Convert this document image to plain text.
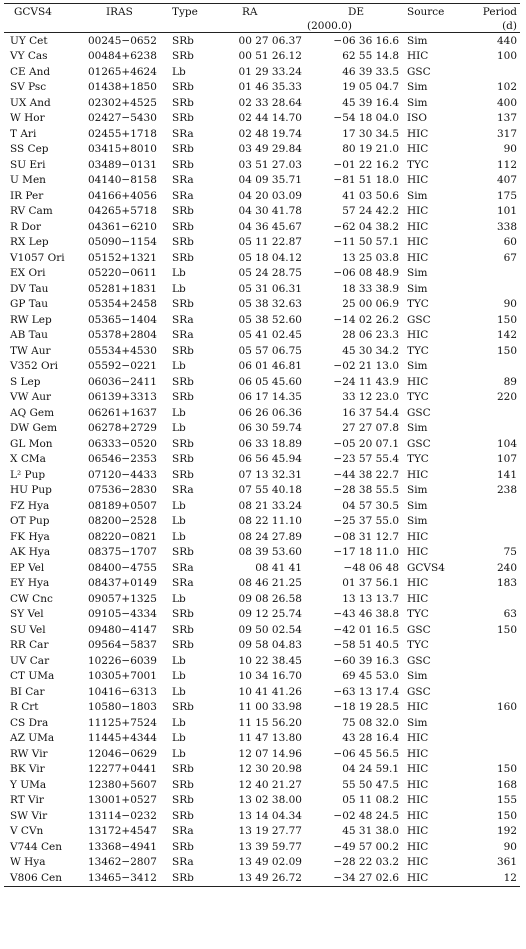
GCVS4	IRAS	Type	RA	DE	Source	Period
(2000.0)	(d)
UY Cet	00245−0652	SRb	00 27 06.37	−06 36 16.6 Sim	440
VY Cas	00484+6238	SRb	00 51 26.12	62 55 14.8 HIC	100
CE And	01265+4624	Lb	01 29 33.24	46 39 33.5 GSC
SV Psc	01438+1850	SRb	01 46 35.33	19 05 04.7 Sim	102
UX And	02302+4525	SRb	02 33 28.64	45 39 16.4 Sim	400
W Hor	02427−5430	SRb	02 44 14.70	−54 18 04.0 ISO	137
T Ari	02455+1718	SRa	02 48 19.74	17 30 34.5 HIC	317
SS Cep	03415+8010	SRb	03 49 29.84	80 19 21.0 HIC	90
SU Eri	03489−0131	SRb	03 51 27.03	−01 22 16.2 TYC	112
U Men	04140−8158	SRa	04 09 35.71	−81 51 18.0 HIC	407
IR Per	04166+4056	SRa	04 20 03.09	41 03 50.6 Sim	175
RV Cam	04265+5718	SRb	04 30 41.78	57 24 42.2 HIC	101
R Dor	04361−6210	SRb	04 36 45.67	−62 04 38.2 HIC	338
RX Lep	05090−1154	SRb	05 11 22.87	−11 50 57.1 HIC	60
V1057 Ori	05152+1321	SRb	05 18 04.12	13 25 03.8 HIC	67
EX Ori	05220−0611	Lb	05 24 28.75	−06 08 48.9 Sim
DV Tau	05281+1831	Lb	05 31 06.31	18 33 38.9 Sim
GP Tau	05354+2458	SRb	05 38 32.63	25 00 06.9 TYC	90
RW Lep	05365−1404	SRa	05 38 52.60	−14 02 26.2 GSC	150
AB Tau	05378+2804	SRa	05 41 02.45	28 06 23.3 HIC	142
TW Aur	05534+4530	SRb	05 57 06.75	45 30 34.2 TYC	150
V352 Ori	05592−0221	Lb	06 01 46.81	−02 21 13.0 Sim
S Lep	06036−2411	SRb	06 05 45.60	−24 11 43.9 HIC	89
VW Aur	06139+3313	SRb	06 17 14.35	33 12 23.0 TYC	220
AQ Gem	06261+1637	Lb	06 26 06.36	16 37 54.4 GSC
DW Gem	06278+2729	Lb	06 30 59.74	27 27 07.8 Sim
GL Mon	06333−0520	SRb	06 33 18.89	−05 20 07.1 GSC	104
X CMa	06546−2353	SRb	06 56 45.94	−23 57 55.4 TYC	107
L² Pup	07120−4433	SRb	07 13 32.31	−44 38 22.7 HIC	141
HU Pup	07536−2830	SRa	07 55 40.18	−28 38 55.5 Sim	238
FZ Hya	08189+0507	Lb	08 21 33.24	04 57 30.5 Sim
OT Pup	08200−2528	Lb	08 22 11.10	−25 37 55.0 Sim
FK Hya	08220−0821	Lb	08 24 27.89	−08 31 12.7 HIC
AK Hya	08375−1707	SRb	08 39 53.60	−17 18 11.0 HIC	75
EP Vel	08400−4755	SRa	08 41 41	−48 06 48 GCVS4	240
EY Hya	08437+0149	SRa	08 46 21.25	01 37 56.1 HIC	183
CW Cnc	09057+1325	Lb	09 08 26.58	13 13 13.7 HIC
SY Vel	09105−4334	SRb	09 12 25.74	−43 46 38.8 TYC	63
SU Vel	09480−4147	SRb	09 50 02.54	−42 01 16.5 GSC	150
RR Car	09564−5837	SRb	09 58 04.83	−58 51 40.5 TYC
UV Car	10226−6039	Lb	10 22 38.45	−60 39 16.3 GSC
CT UMa	10305+7001	Lb	10 34 16.70	69 45 53.0 Sim
BI Car	10416−6313	Lb	10 41 41.26	−63 13 17.4 GSC
R Crt	10580−1803	SRb	11 00 33.98	−18 19 28.5 HIC	160
CS Dra	11125+7524	Lb	11 15 56.20	75 08 32.0 Sim
AZ UMa	11445+4344	Lb	11 47 13.80	43 28 16.4 HIC
RW Vir	12046−0629	Lb	12 07 14.96	−06 45 56.5 HIC
BK Vir	12277+0441	SRb	12 30 20.98	04 24 59.1 HIC	150
Y UMa	12380+5607	SRb	12 40 21.27	55 50 47.5 HIC	168
RT Vir	13001+0527	SRb	13 02 38.00	05 11 08.2 HIC	155
SW Vir	13114−0232	SRb	13 14 04.34	−02 48 24.5 HIC	150
V CVn	13172+4547	SRa	13 19 27.77	45 31 38.0 HIC	192
V744 Cen	13368−4941	SRb	13 39 59.77	−49 57 00.2 HIC	90
W Hya	13462−2807	SRa	13 49 02.09	−28 22 03.2 HIC	361
V806 Cen	13465−3412	SRb	13 49 26.72	−34 27 02.6 HIC	12
